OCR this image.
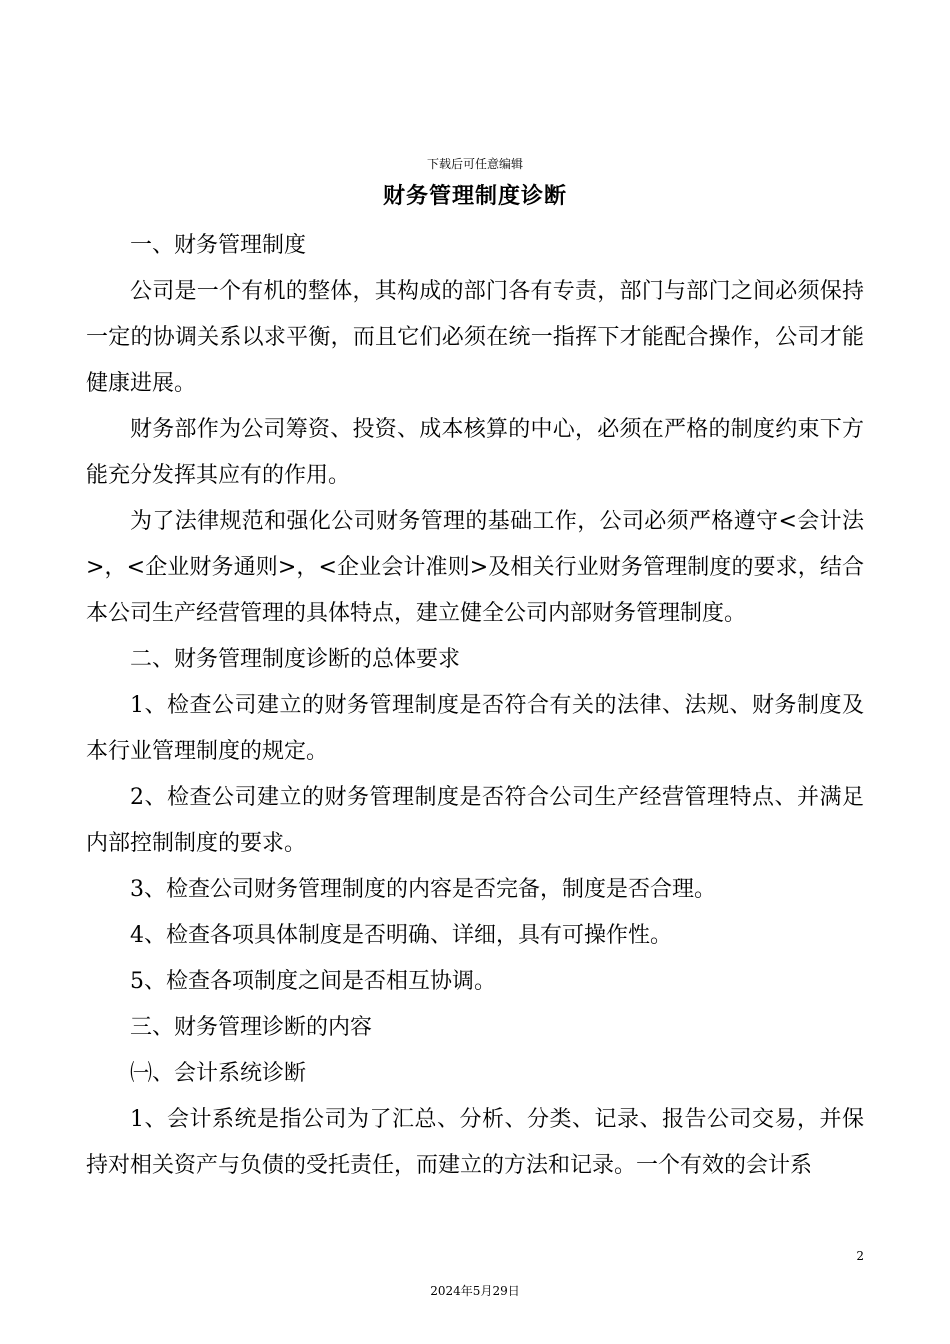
下载后可任意编辑
财务管理制度诊断

一、财务管理制度

公司是一个有机的整体，其构成的部门各有专责，部门与部门之间必须保持一定的协调关系以求平衡，而且它们必须在统一指挥下才能配合操作，公司才能健康进展。

财务部作为公司筹资、投资、成本核算的中心，必须在严格的制度约束下方能充分发挥其应有的作用。

为了法律规范和强化公司财务管理的基础工作，公司必须严格遵守<会计法>，<企业财务通则>，<企业会计准则>及相关行业财务管理制度的要求，结合本公司生产经营管理的具体特点，建立健全公司内部财务管理制度。

二、财务管理制度诊断的总体要求

1、检查公司建立的财务管理制度是否符合有关的法律、法规、财务制度及本行业管理制度的规定。

2、检查公司建立的财务管理制度是否符合公司生产经营管理特点、并满足内部控制制度的要求。

3、检查公司财务管理制度的内容是否完备，制度是否合理。

4、检查各项具体制度是否明确、详细，具有可操作性。

5、检查各项制度之间是否相互协调。

三、财务管理诊断的内容

㈠、会计系统诊断

1、会计系统是指公司为了汇总、分析、分类、记录、报告公司交易，并保持对相关资产与负债的受托责任，而建立的方法和记录。一个有效的会计系

2
2024年5月29日
